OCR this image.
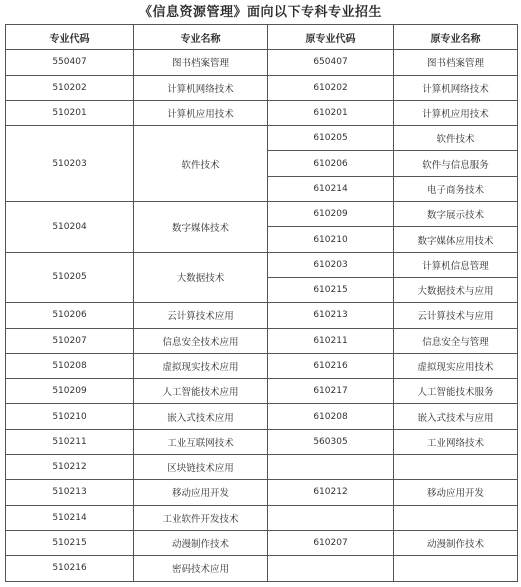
《信息资源管理》面向以下专科专业招生
专业代码	专业名称	原专业代码	原专业名称
550407	图书档案管理	650407	图书档案管理
510202	计算机网络技术	610202	计算机网络技术
510201	计算机应用技术	610201	计算机应用技术
510203	软件技术	610205	软件技术
		610206	软件与信息服务
		610214	电子商务技术
510204	数字媒体技术	610209	数字展示技术
		610210	数字媒体应用技术
510205	大数据技术	610203	计算机信息管理
		610215	大数据技术与应用
510206	云计算技术应用	610213	云计算技术与应用
510207	信息安全技术应用	610211	信息安全与管理
510208	虚拟现实技术应用	610216	虚拟现实应用技术
510209	人工智能技术应用	610217	人工智能技术服务
510210	嵌入式技术应用	610208	嵌入式技术与应用
510211	工业互联网技术	560305	工业网络技术
510212	区块链技术应用		
510213	移动应用开发	610212	移动应用开发
510214	工业软件开发技术		
510215	动漫制作技术	610207	动漫制作技术
510216	密码技术应用		
